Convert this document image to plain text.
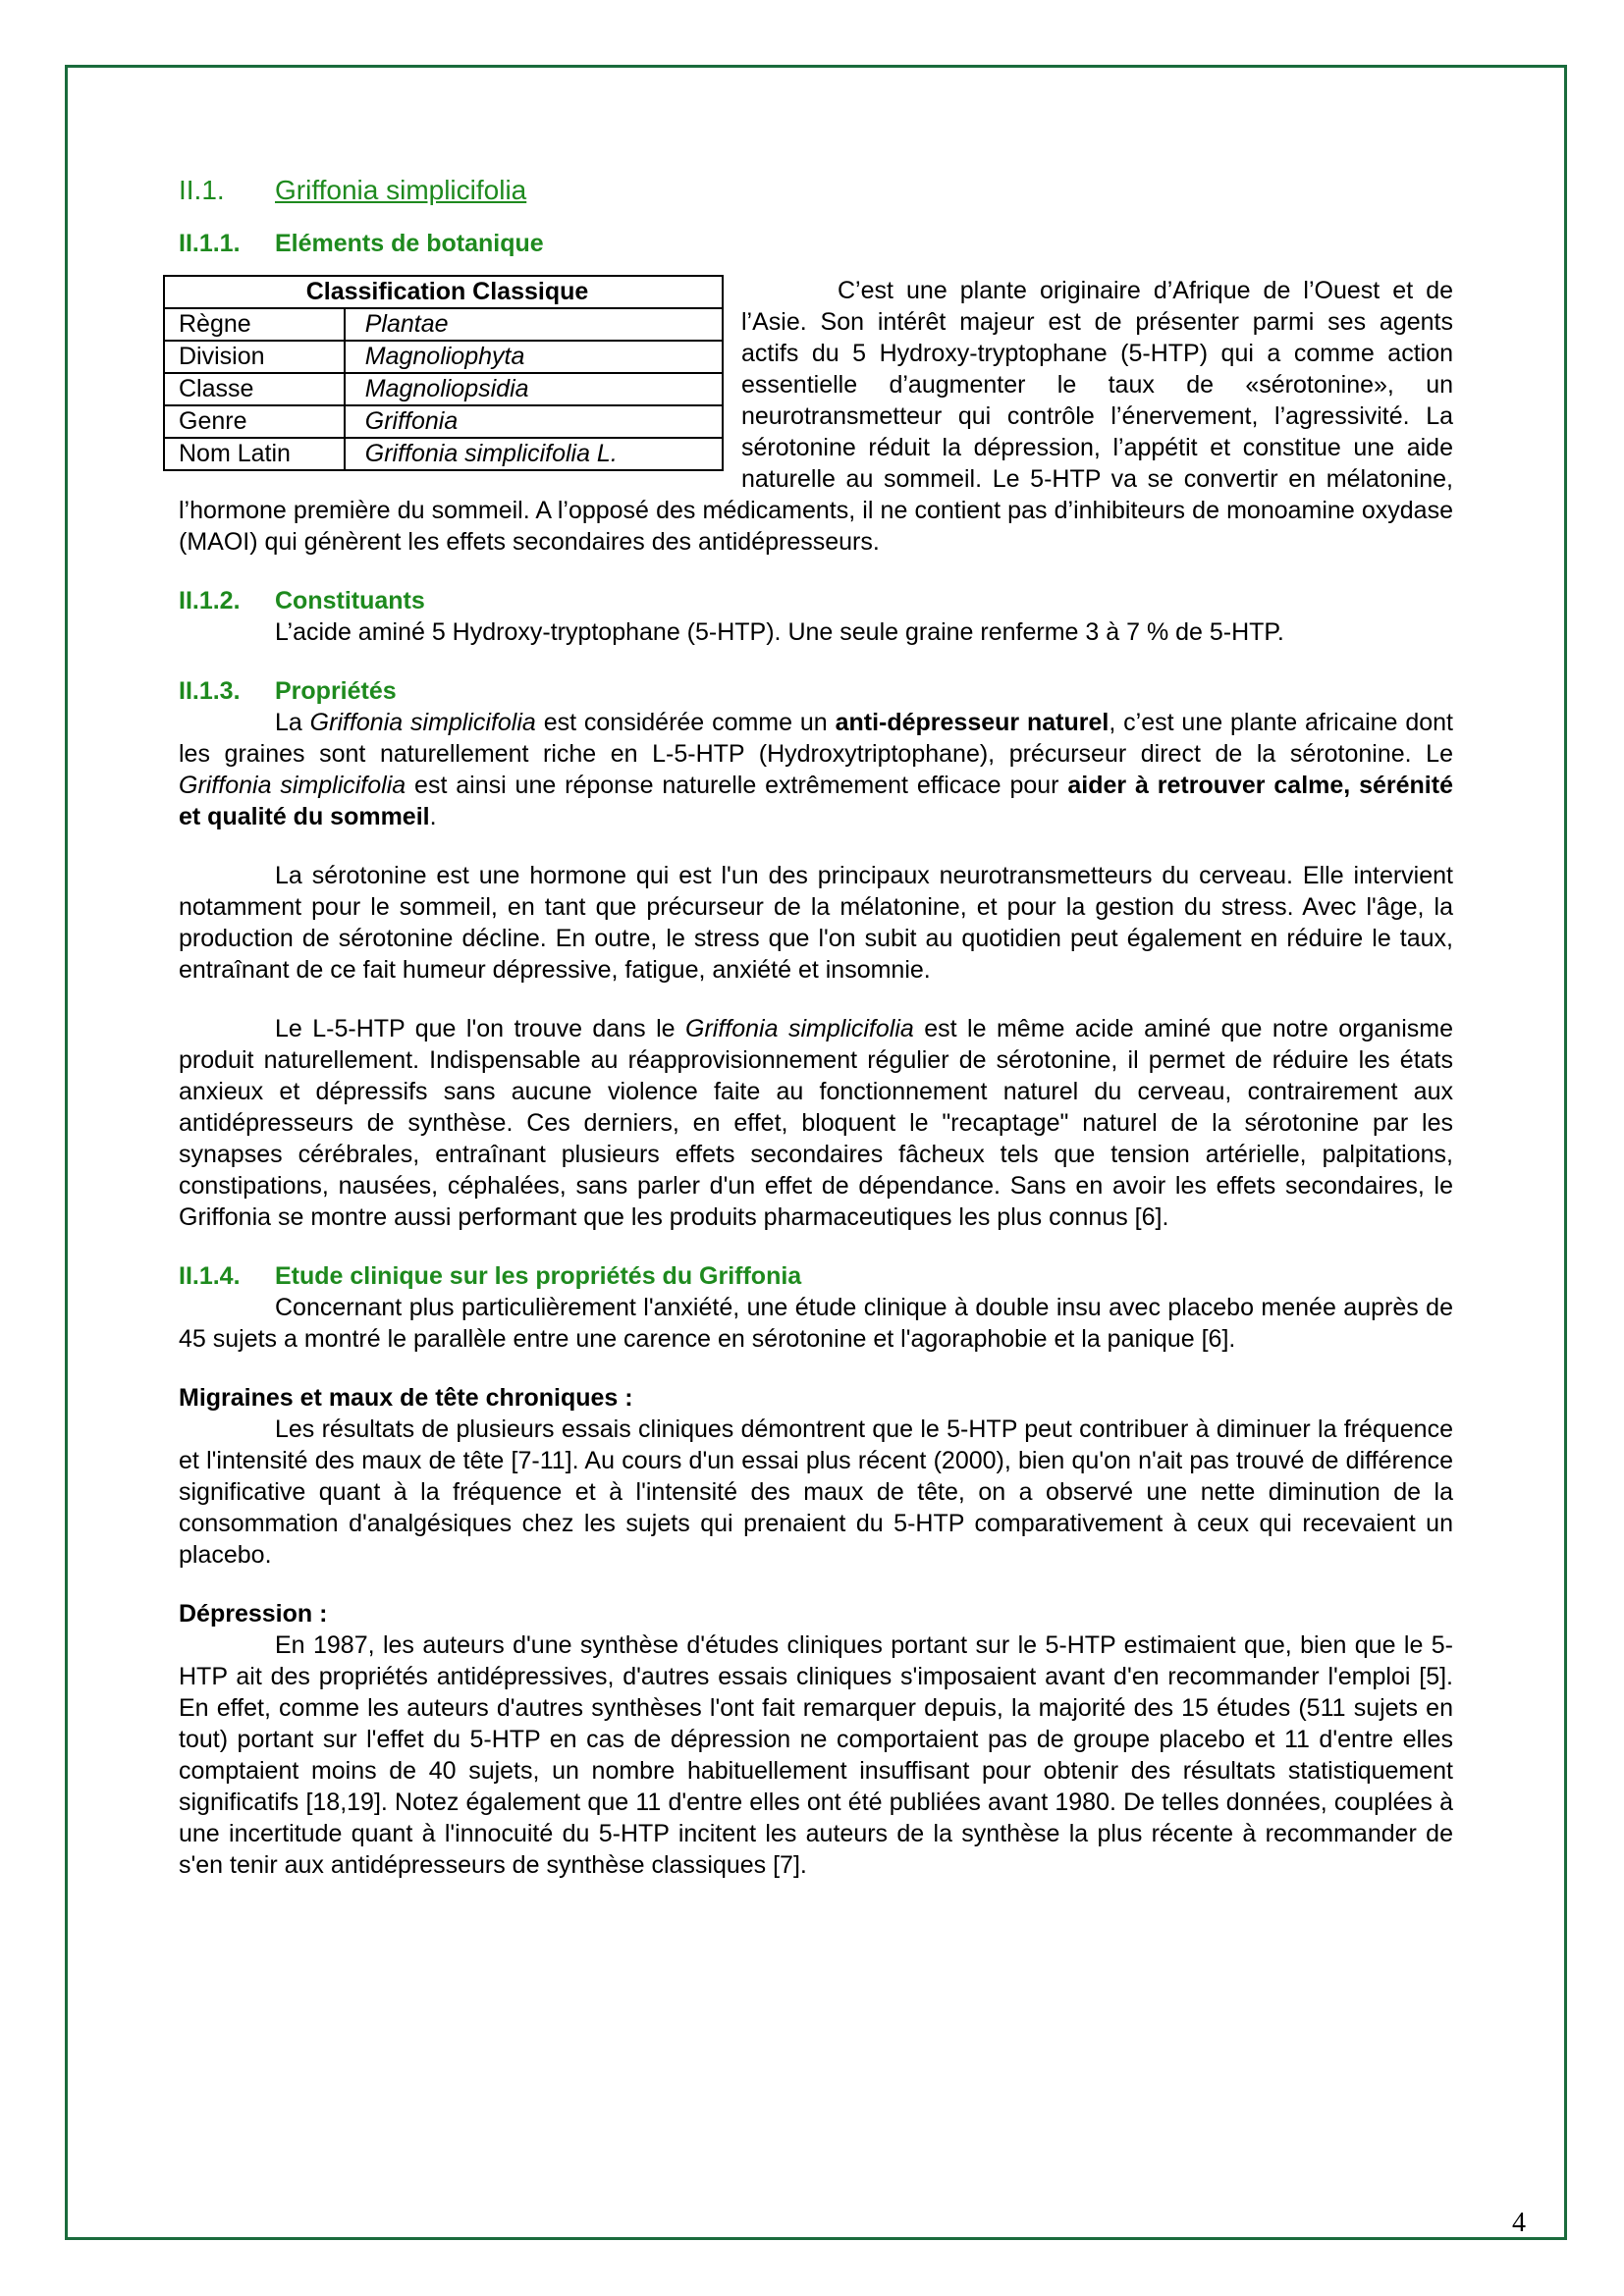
II.1. Griffonia simplicifolia
II.1.1. Eléments de botanique
Classification Classique	
Règne	Plantae
Division	Magnoliophyta
Classe	Magnoliopsidia
Genre	Griffonia
Nom Latin	Griffonia simplicifolia L.

C’est une plante originaire d’Afrique de l’Ouest et de l’Asie. Son intérêt majeur est de présenter parmi ses agents actifs du 5 Hydroxy-tryptophane (5-HTP) qui a comme action essentielle d’augmenter le taux de «sérotonine», un neurotransmetteur qui contrôle l’énervement, l’agressivité. La sérotonine réduit la dépression, l’appétit et constitue une aide naturelle au sommeil. Le 5-HTP va se convertir en mélatonine, l’hormone première du sommeil. A l’opposé des médicaments, il ne contient pas d’inhibiteurs de monoamine oxydase (MAOI) qui génèrent les effets secondaires des antidépresseurs.

II.1.2. Constituants

L’acide aminé 5 Hydroxy-tryptophane (5-HTP). Une seule graine renferme 3 à 7 % de 5-HTP.

II.1.3. Propriétés

La Griffonia simplicifolia est considérée comme un anti-dépresseur naturel, c’est une plante africaine dont les graines sont naturellement riche en L-5-HTP (Hydroxytriptophane), précurseur direct de la sérotonine. Le Griffonia simplicifolia est ainsi une réponse naturelle extrêmement efficace pour aider à retrouver calme, sérénité et qualité du sommeil.

La sérotonine est une hormone qui est l'un des principaux neurotransmetteurs du cerveau. Elle intervient notamment pour le sommeil, en tant que précurseur de la mélatonine, et pour la gestion du stress. Avec l'âge, la production de sérotonine décline. En outre, le stress que l'on subit au quotidien peut également en réduire le taux, entraînant de ce fait humeur dépressive, fatigue, anxiété et insomnie.

Le L-5-HTP que l'on trouve dans le Griffonia simplicifolia est le même acide aminé que notre organisme produit naturellement. Indispensable au réapprovisionnement régulier de sérotonine, il permet de réduire les états anxieux et dépressifs sans aucune violence faite au fonctionnement naturel du cerveau, contrairement aux antidépresseurs de synthèse. Ces derniers, en effet, bloquent le "recaptage" naturel de la sérotonine par les synapses cérébrales, entraînant plusieurs effets secondaires fâcheux tels que tension artérielle, palpitations, constipations, nausées, céphalées, sans parler d'un effet de dépendance. Sans en avoir les effets secondaires, le Griffonia se montre aussi performant que les produits pharmaceutiques les plus connus [6].

II.1.4. Etude clinique sur les propriétés du Griffonia

Concernant plus particulièrement l'anxiété, une étude clinique à double insu avec placebo menée auprès de 45 sujets a montré le parallèle entre une carence en sérotonine et l'agoraphobie et la panique [6].

Migraines et maux de tête chroniques :

Les résultats de plusieurs essais cliniques démontrent que le 5-HTP peut contribuer à diminuer la fréquence et l'intensité des maux de tête [7-11]. Au cours d'un essai plus récent (2000), bien qu'on n'ait pas trouvé de différence significative quant à la fréquence et à l'intensité des maux de tête, on a observé une nette diminution de la consommation d'analgésiques chez les sujets qui prenaient du 5-HTP comparativement à ceux qui recevaient un placebo.

Dépression :

En 1987, les auteurs d'une synthèse d'études cliniques portant sur le 5-HTP estimaient que, bien que le 5-HTP ait des propriétés antidépressives, d'autres essais cliniques s'imposaient avant d'en recommander l'emploi [5]. En effet, comme les auteurs d'autres synthèses l'ont fait remarquer depuis, la majorité des 15 études (511 sujets en tout) portant sur l'effet du 5-HTP en cas de dépression ne comportaient pas de groupe placebo et 11 d'entre elles comptaient moins de 40 sujets, un nombre habituellement insuffisant pour obtenir des résultats statistiquement significatifs [18,19]. Notez également que 11 d'entre elles ont été publiées avant 1980. De telles données, couplées à une incertitude quant à l'innocuité du 5-HTP incitent les auteurs de la synthèse la plus récente à recommander de s'en tenir aux antidépresseurs de synthèse classiques [7].

4
